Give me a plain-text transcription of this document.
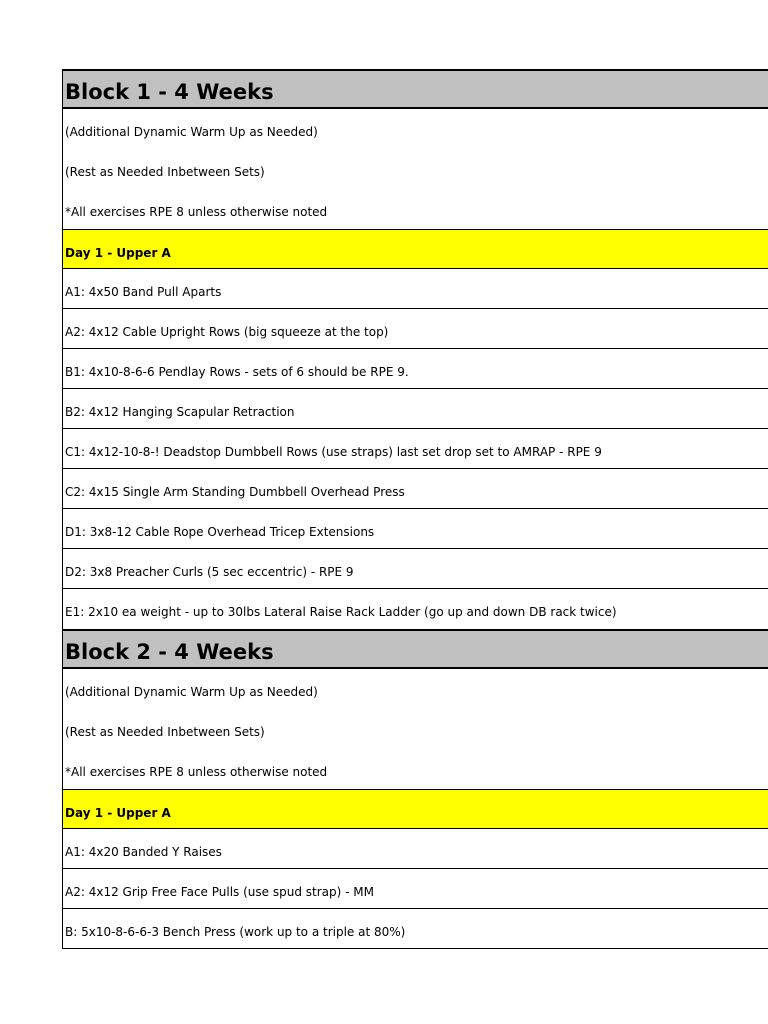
Block 1 - 4 Weeks
(Additional Dynamic Warm Up as Needed)
(Rest as Needed Inbetween Sets)
*All exercises RPE 8 unless otherwise noted
Day 1 - Upper A
A1: 4x50 Band Pull Aparts
A2: 4x12 Cable Upright Rows (big squeeze at the top)
B1: 4x10-8-6-6 Pendlay Rows - sets of 6 should be RPE 9.
B2: 4x12 Hanging Scapular Retraction
C1: 4x12-10-8-! Deadstop Dumbbell Rows (use straps) last set drop set to AMRAP - RPE 9
C2: 4x15 Single Arm Standing Dumbbell Overhead Press
D1: 3x8-12 Cable Rope Overhead Tricep Extensions
D2: 3x8 Preacher Curls (5 sec eccentric) - RPE 9
E1: 2x10 ea weight - up to 30lbs Lateral Raise Rack Ladder (go up and down DB rack twice)
Block 2 - 4 Weeks
(Additional Dynamic Warm Up as Needed)
(Rest as Needed Inbetween Sets)
*All exercises RPE 8 unless otherwise noted
Day 1 - Upper A
A1: 4x20 Banded Y Raises
A2: 4x12 Grip Free Face Pulls (use spud strap) - MM
B: 5x10-8-6-6-3 Bench Press (work up to a triple at 80%)
